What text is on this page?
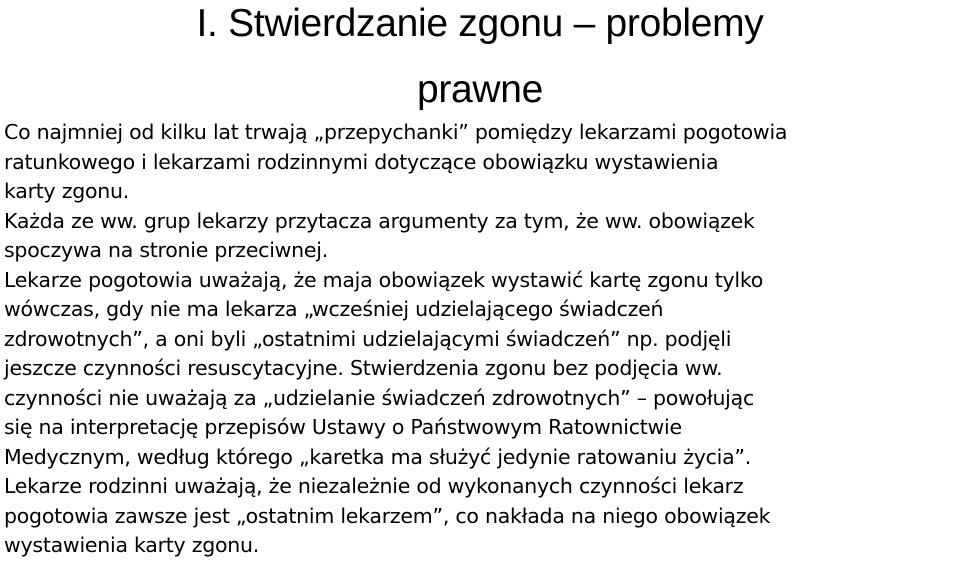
I. Stwierdzanie zgonu – problemy
prawne

Co najmniej od kilku lat trwają „przepychanki” pomiędzy lekarzami pogotowia
ratunkowego i lekarzami rodzinnymi dotyczące obowiązku wystawienia
karty zgonu.

Każda ze ww. grup lekarzy przytacza argumenty za tym, że ww. obowiązek
spoczywa na stronie przeciwnej.

Lekarze pogotowia uważają, że maja obowiązek wystawić kartę zgonu tylko
wówczas, gdy nie ma lekarza „wcześniej udzielającego świadczeń
zdrowotnych”, a oni byli „ostatnimi udzielającymi świadczeń” np. podjęli
jeszcze czynności resuscytacyjne. Stwierdzenia zgonu bez podjęcia ww.
czynności nie uważają za „udzielanie świadczeń zdrowotnych” – powołując
się na interpretację przepisów Ustawy o Państwowym Ratownictwie
Medycznym, według którego „karetka ma służyć jedynie ratowaniu życia”.

Lekarze rodzinni uważają, że niezależnie od wykonanych czynności lekarz
pogotowia zawsze jest „ostatnim lekarzem”, co nakłada na niego obowiązek
wystawienia karty zgonu.
